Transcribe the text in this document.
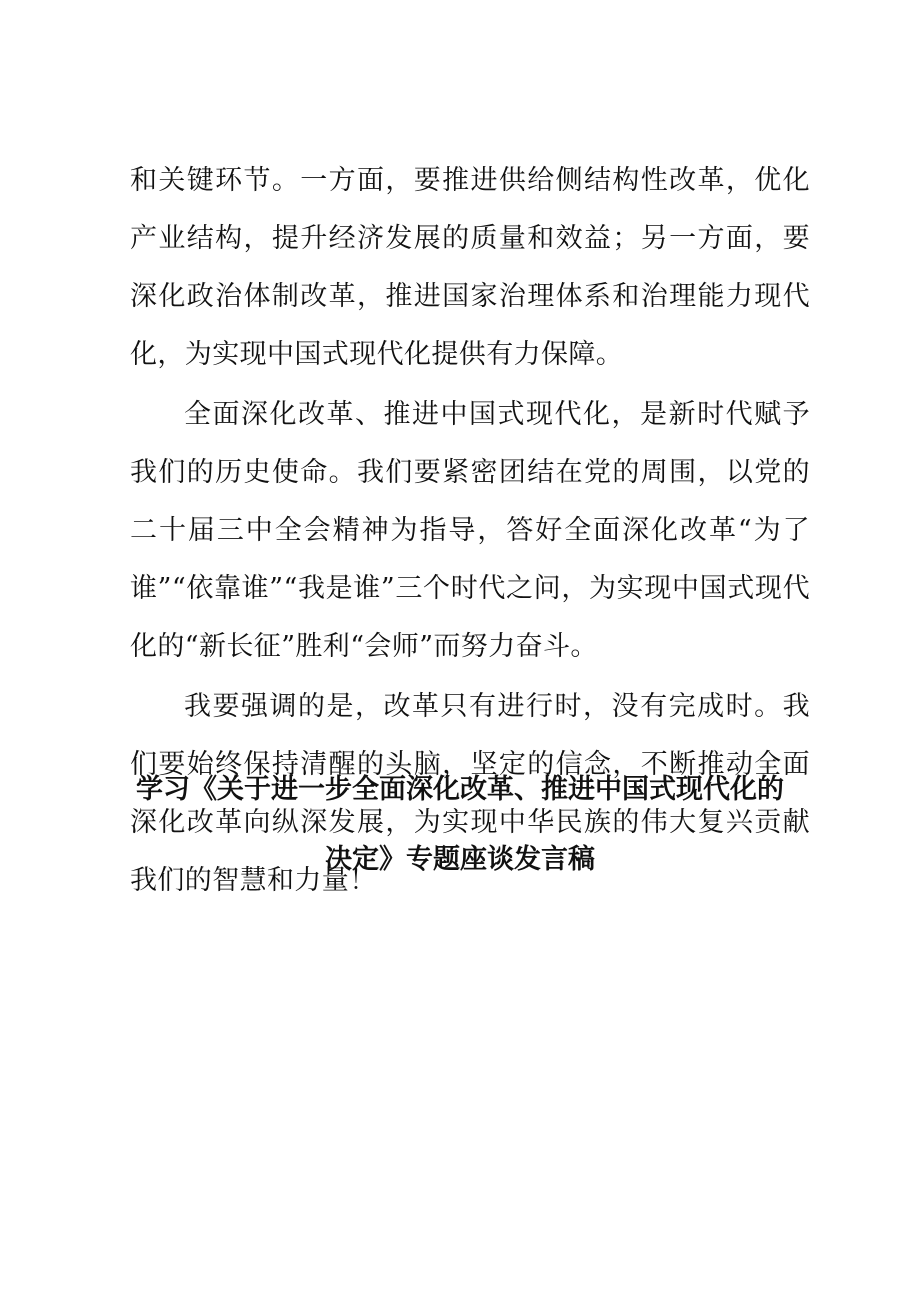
和关键环节。一方面，要推进供给侧结构性改革，优化产业结构，提升经济发展的质量和效益；另一方面，要深化政治体制改革，推进国家治理体系和治理能力现代化，为实现中国式现代化提供有力保障。

全面深化改革、推进中国式现代化，是新时代赋予我们的历史使命。我们要紧密团结在党的周围，以党的二十届三中全会精神为指导，答好全面深化改革“为了谁”“依靠谁”“我是谁”三个时代之问，为实现中国式现代化的“新长征”胜利“会师”而努力奋斗。

我要强调的是，改革只有进行时，没有完成时。我们要始终保持清醒的头脑，坚定的信念，不断推动全面深化改革向纵深发展，为实现中华民族的伟大复兴贡献我们的智慧和力量！

学习《关于进一步全面深化改革、推进中国式现代化的
决定》专题座谈发言稿
